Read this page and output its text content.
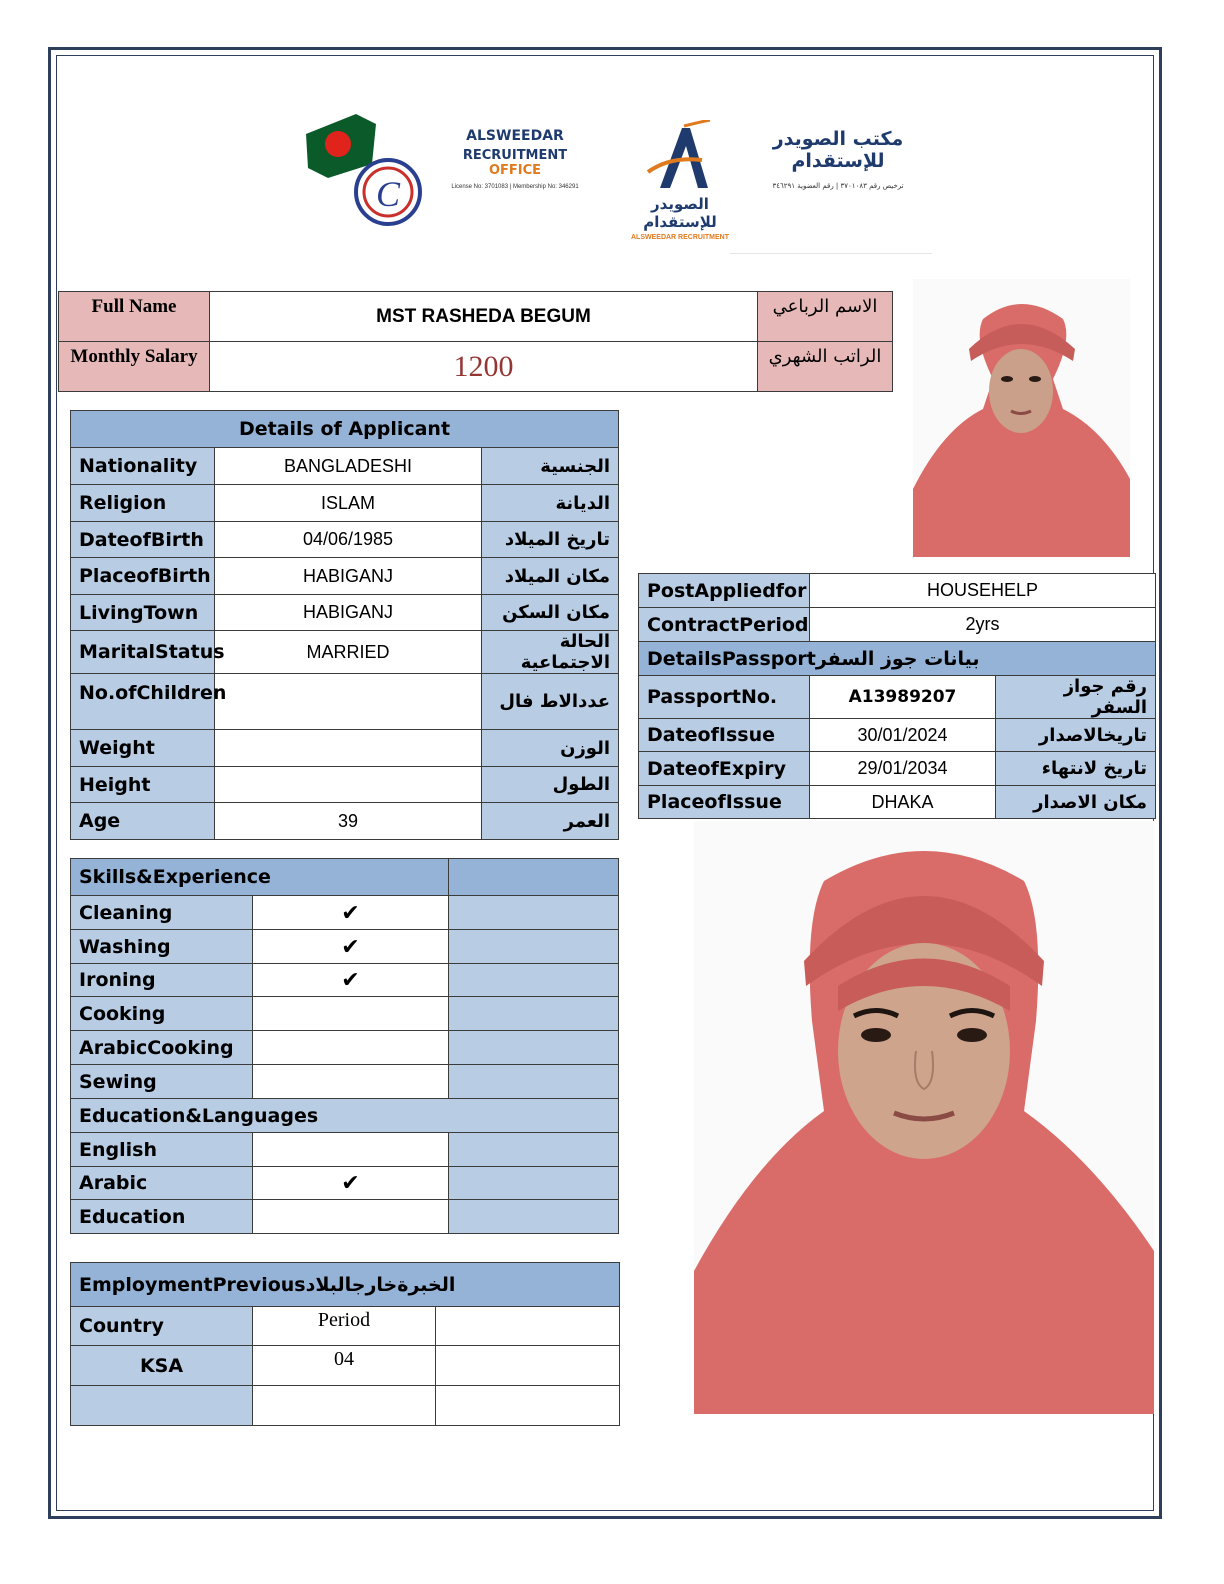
C
ALSWEEDAR
RECRUITMENT OFFICE
License No: 3701083 | Membership No: 346291
الصويدر للإستقدام
ALSWEEDAR RECRUITMENT
مكتب الصويدر للإستقدام
ترخيص رقم ٣٧٠١٠٨٣ | رقم العضوية ٣٤٦٢٩١
Full Name	MST RASHEDA BEGUM	الاسم الرباعي
Monthly Salary	1200	الراتب الشهري
Details of Applicant		
Nationality	BANGLADESHI	الجنسية
Religion	ISLAM	الديانة
DateofBirth	04/06/1985	تاريخ الميلاد
PlaceofBirth	HABIGANJ	مكان الميلاد
LivingTown	HABIGANJ	مكان السكن
MaritalStatus	MARRIED	الحالة الاجتماعية
No.ofChildren		عددالاط فال
Weight		الوزن
Height		الطول
Age	39	العمر
PostAppliedfor	HOUSEHELP	
ContractPeriod	2yrs	
DetailsPassportبيانات جوز السفر		
PassportNo.	A13989207	رقم جواز السفر
DateofIssue	30/01/2024	تاريخالاصدار
DateofExpiry	29/01/2034	تاريخ لانتهاء
PlaceofIssue	DHAKA	مكان الاصدار
Skills&Experience		
Cleaning	✔	
Washing	✔	
Ironing	✔	
Cooking		
ArabicCooking		
Sewing		
Education&Languages		
English		
Arabic	✔	
Education		
EmploymentPreviousالخبرةخارجالبلاد		
Country	Period	
KSA	04	
